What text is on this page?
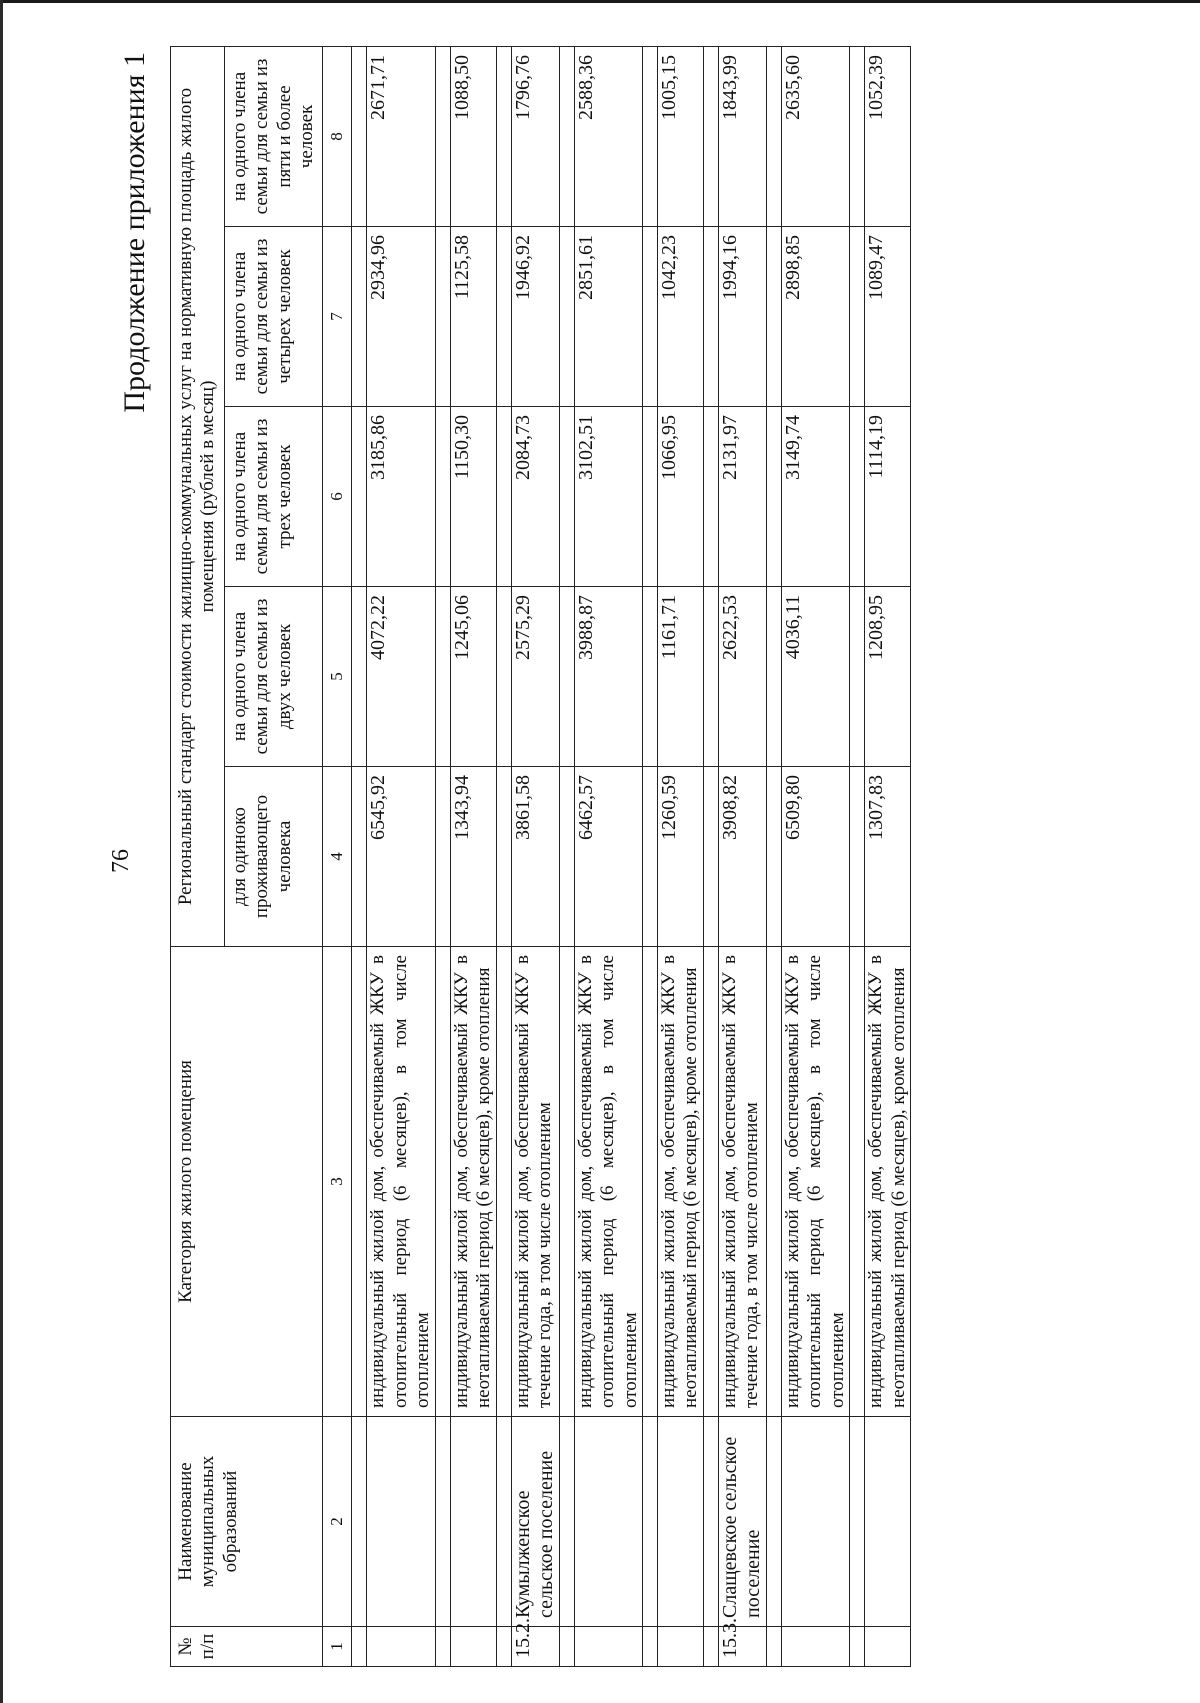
76
Продолжение приложения 1
№ п/п	Наименование муниципальных образований	Категория жилого помещения	Региональный стандарт стоимости жилищно-коммунальных услуг на нормативную площадь жилого помещения (рублей в месяц)				
			для одиноко проживающего человека	на одного члена семьи для семьи из двух человек	на одного члена семьи для семьи из трех человек	на одного члена семьи для семьи из четырех человек	на одного члена семьи для семьи из пяти и более человек
1	2	3	4	5	6	7	8

		индивидуальный жилой дом, обеспечиваемый ЖКУ в отопительный период (6 месяцев), в том числе отоплением	6545,92	4072,22	3185,86	2934,96	2671,71

		индивидуальный жилой дом, обеспечиваемый ЖКУ в неотапливаемый период (6 месяцев), кроме отопления	1343,94	1245,06	1150,30	1125,58	1088,50

15.2.	Кумылженское сельское поселение	индивидуальный жилой дом, обеспечиваемый ЖКУ в течение года, в том числе отоплением	3861,58	2575,29	2084,73	1946,92	1796,76

		индивидуальный жилой дом, обеспечиваемый ЖКУ в отопительный период (6 месяцев), в том числе отоплением	6462,57	3988,87	3102,51	2851,61	2588,36

		индивидуальный жилой дом, обеспечиваемый ЖКУ в неотапливаемый период (6 месяцев), кроме отопления	1260,59	1161,71	1066,95	1042,23	1005,15

15.3.	Слащевское сельское поселение	индивидуальный жилой дом, обеспечиваемый ЖКУ в течение года, в том числе отоплением	3908,82	2622,53	2131,97	1994,16	1843,99

		индивидуальный жилой дом, обеспечиваемый ЖКУ в отопительный период (6 месяцев), в том числе отоплением	6509,80	4036,11	3149,74	2898,85	2635,60

		индивидуальный жилой дом, обеспечиваемый ЖКУ в неотапливаемый период (6 месяцев), кроме отопления	1307,83	1208,95	1114,19	1089,47	1052,39
